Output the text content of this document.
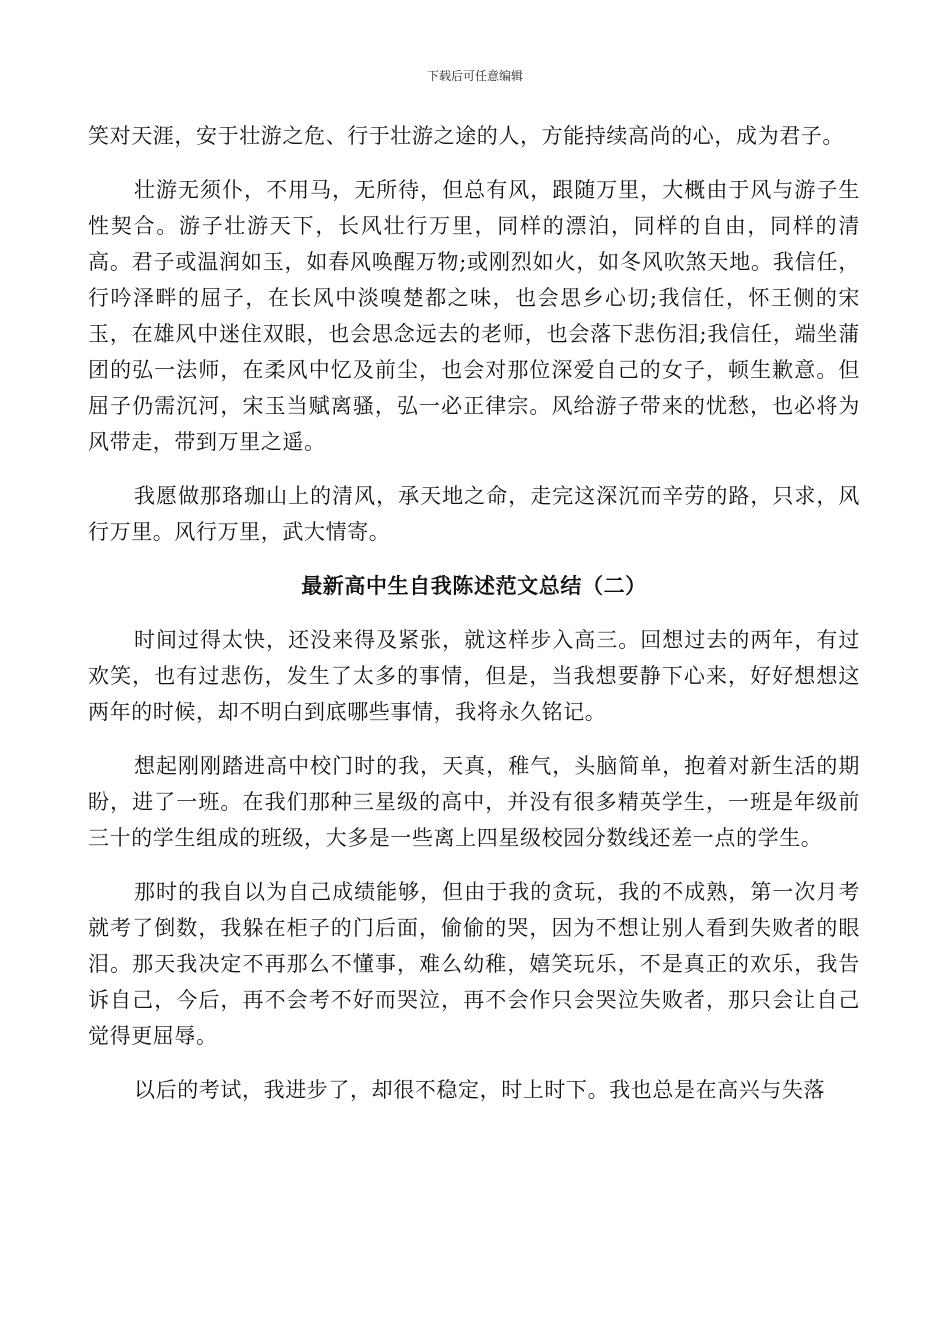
下载后可任意编辑

笑对天涯，安于壮游之危、行于壮游之途的人，方能持续高尚的心，成为君子。

壮游无须仆，不用马，无所待，但总有风，跟随万里，大概由于风与游子生性契合。游子壮游天下，长风壮行万里，同样的漂泊，同样的自由，同样的清高。君子或温润如玉，如春风唤醒万物;或刚烈如火，如冬风吹煞天地。我信任，行吟泽畔的屈子，在长风中淡嗅楚都之味，也会思乡心切;我信任，怀王侧的宋玉，在雄风中迷住双眼，也会思念远去的老师，也会落下悲伤泪;我信任，端坐蒲团的弘一法师，在柔风中忆及前尘，也会对那位深爱自己的女子，顿生歉意。但屈子仍需沉河，宋玉当赋离骚，弘一必正律宗。风给游子带来的忧愁，也必将为风带走，带到万里之遥。

我愿做那珞珈山上的清风，承天地之命，走完这深沉而辛劳的路，只求，风行万里。风行万里，武大情寄。

最新高中生自我陈述范文总结（二）

时间过得太快，还没来得及紧张，就这样步入高三。回想过去的两年，有过欢笑，也有过悲伤，发生了太多的事情，但是，当我想要静下心来，好好想想这两年的时候，却不明白到底哪些事情，我将永久铭记。

想起刚刚踏进高中校门时的我，天真，稚气，头脑简单，抱着对新生活的期盼，进了一班。在我们那种三星级的高中，并没有很多精英学生，一班是年级前三十的学生组成的班级，大多是一些离上四星级校园分数线还差一点的学生。

那时的我自以为自己成绩能够，但由于我的贪玩，我的不成熟，第一次月考就考了倒数，我躲在柜子的门后面，偷偷的哭，因为不想让别人看到失败者的眼泪。那天我决定不再那么不懂事，难么幼稚，嬉笑玩乐，不是真正的欢乐，我告诉自己，今后，再不会考不好而哭泣，再不会作只会哭泣失败者，那只会让自己觉得更屈辱。

以后的考试，我进步了，却很不稳定，时上时下。我也总是在高兴与失落
